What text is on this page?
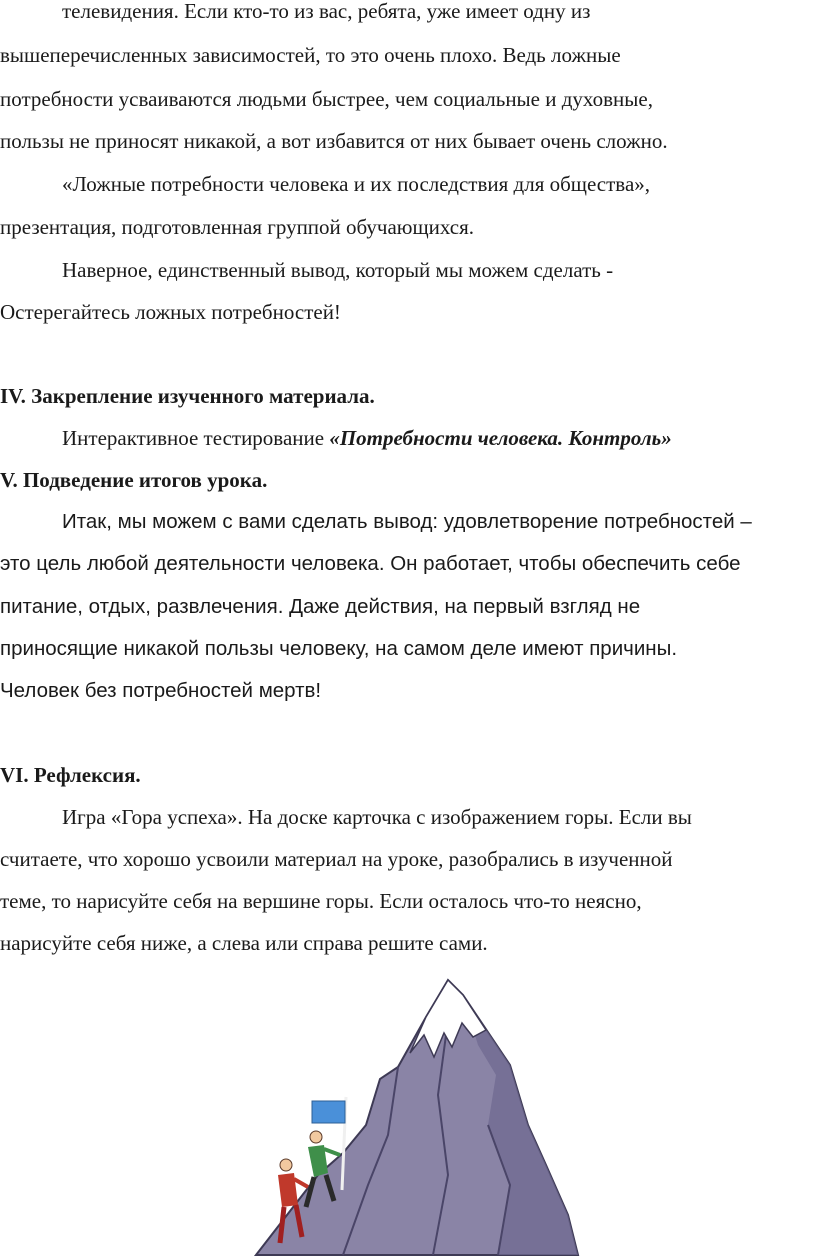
телевидения. Если кто-то из вас, ребята, уже имеет одну из
вышеперечисленных зависимостей, то это очень плохо. Ведь ложные
потребности усваиваются людьми быстрее, чем социальные и духовные,
пользы не приносят никакой, а вот избавится от них бывает очень сложно.
«Ложные потребности человека и их последствия для общества»,
презентация, подготовленная группой обучающихся.
Наверное, единственный вывод, который мы можем сделать -
Остерегайтесь ложных потребностей!
IV. Закрепление изученного материала.
Интерактивное тестирование «Потребности человека. Контроль»
V. Подведение итогов урока.
Итак, мы можем с вами сделать вывод: удовлетворение потребностей –
это цель любой деятельности человека. Он работает, чтобы обеспечить себе
питание, отдых, развлечения. Даже действия, на первый взгляд не
приносящие никакой пользы человеку, на самом деле имеют причины.
Человек без потребностей мертв!
VI. Рефлексия.
Игра «Гора успеха». На доске карточка с изображением горы. Если вы
считаете, что хорошо усвоили материал на уроке, разобрались в изученной
теме, то нарисуйте себя на вершине горы. Если осталось что-то неясно,
нарисуйте себя ниже, а слева или справа решите сами.
